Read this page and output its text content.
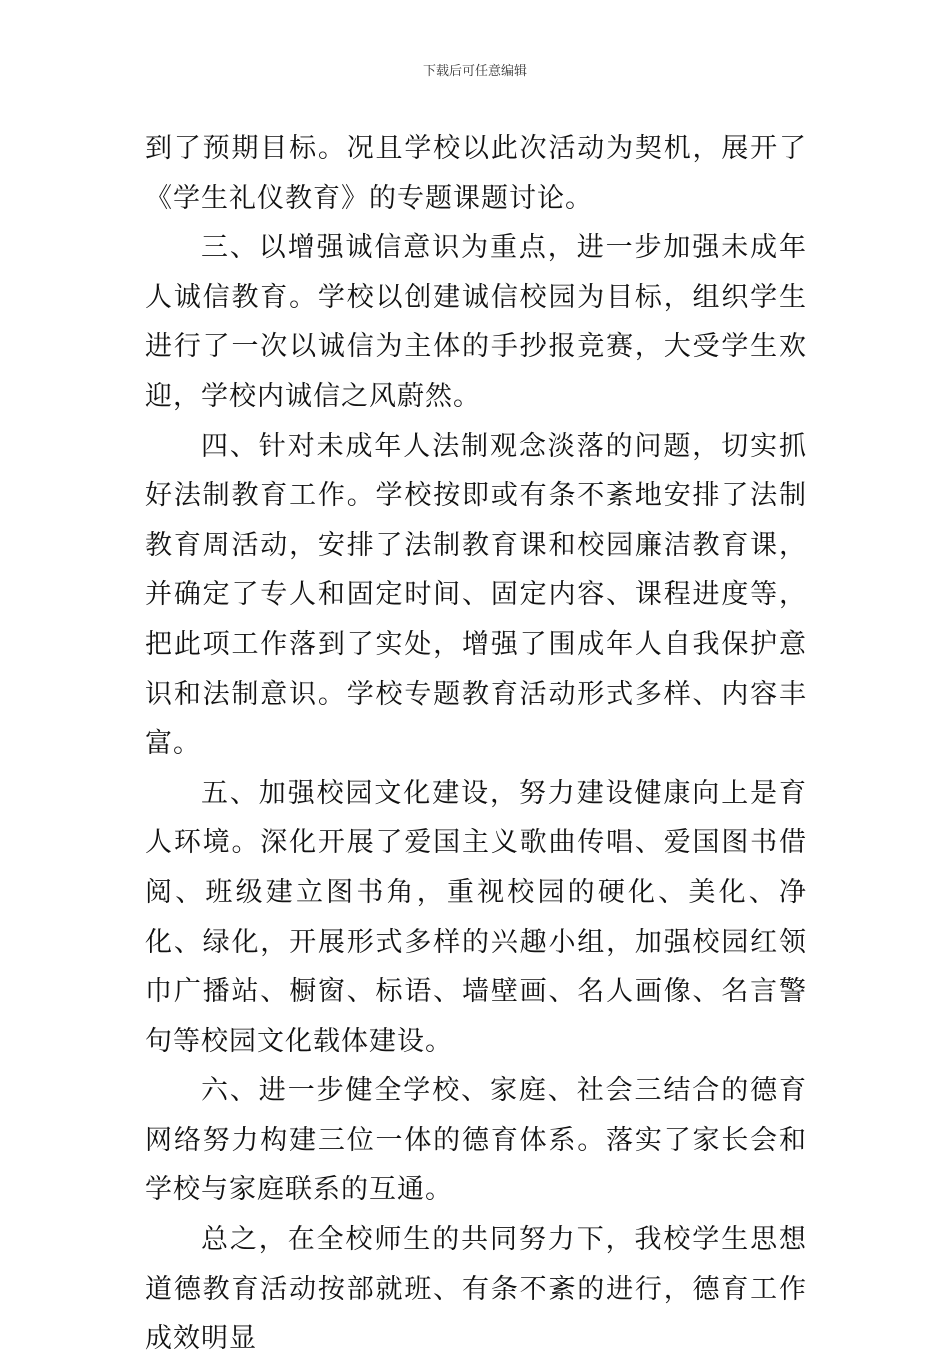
下载后可任意编辑

到了预期目标。况且学校以此次活动为契机，展开了《学生礼仪教育》的专题课题讨论。

三、以增强诚信意识为重点，进一步加强未成年人诚信教育。学校以创建诚信校园为目标，组织学生进行了一次以诚信为主体的手抄报竞赛，大受学生欢迎，学校内诚信之风蔚然。

四、针对未成年人法制观念淡落的问题，切实抓好法制教育工作。学校按即或有条不紊地安排了法制教育周活动，安排了法制教育课和校园廉洁教育课，并确定了专人和固定时间、固定内容、课程进度等，把此项工作落到了实处，增强了围成年人自我保护意识和法制意识。学校专题教育活动形式多样、内容丰富。

五、加强校园文化建设，努力建设健康向上是育人环境。深化开展了爱国主义歌曲传唱、爱国图书借阅、班级建立图书角，重视校园的硬化、美化、净化、绿化，开展形式多样的兴趣小组，加强校园红领巾广播站、橱窗、标语、墙壁画、名人画像、名言警句等校园文化载体建设。

六、进一步健全学校、家庭、社会三结合的德育网络努力构建三位一体的德育体系。落实了家长会和学校与家庭联系的互通。

总之，在全校师生的共同努力下，我校学生思想道德教育活动按部就班、有条不紊的进行，德育工作成效明显
